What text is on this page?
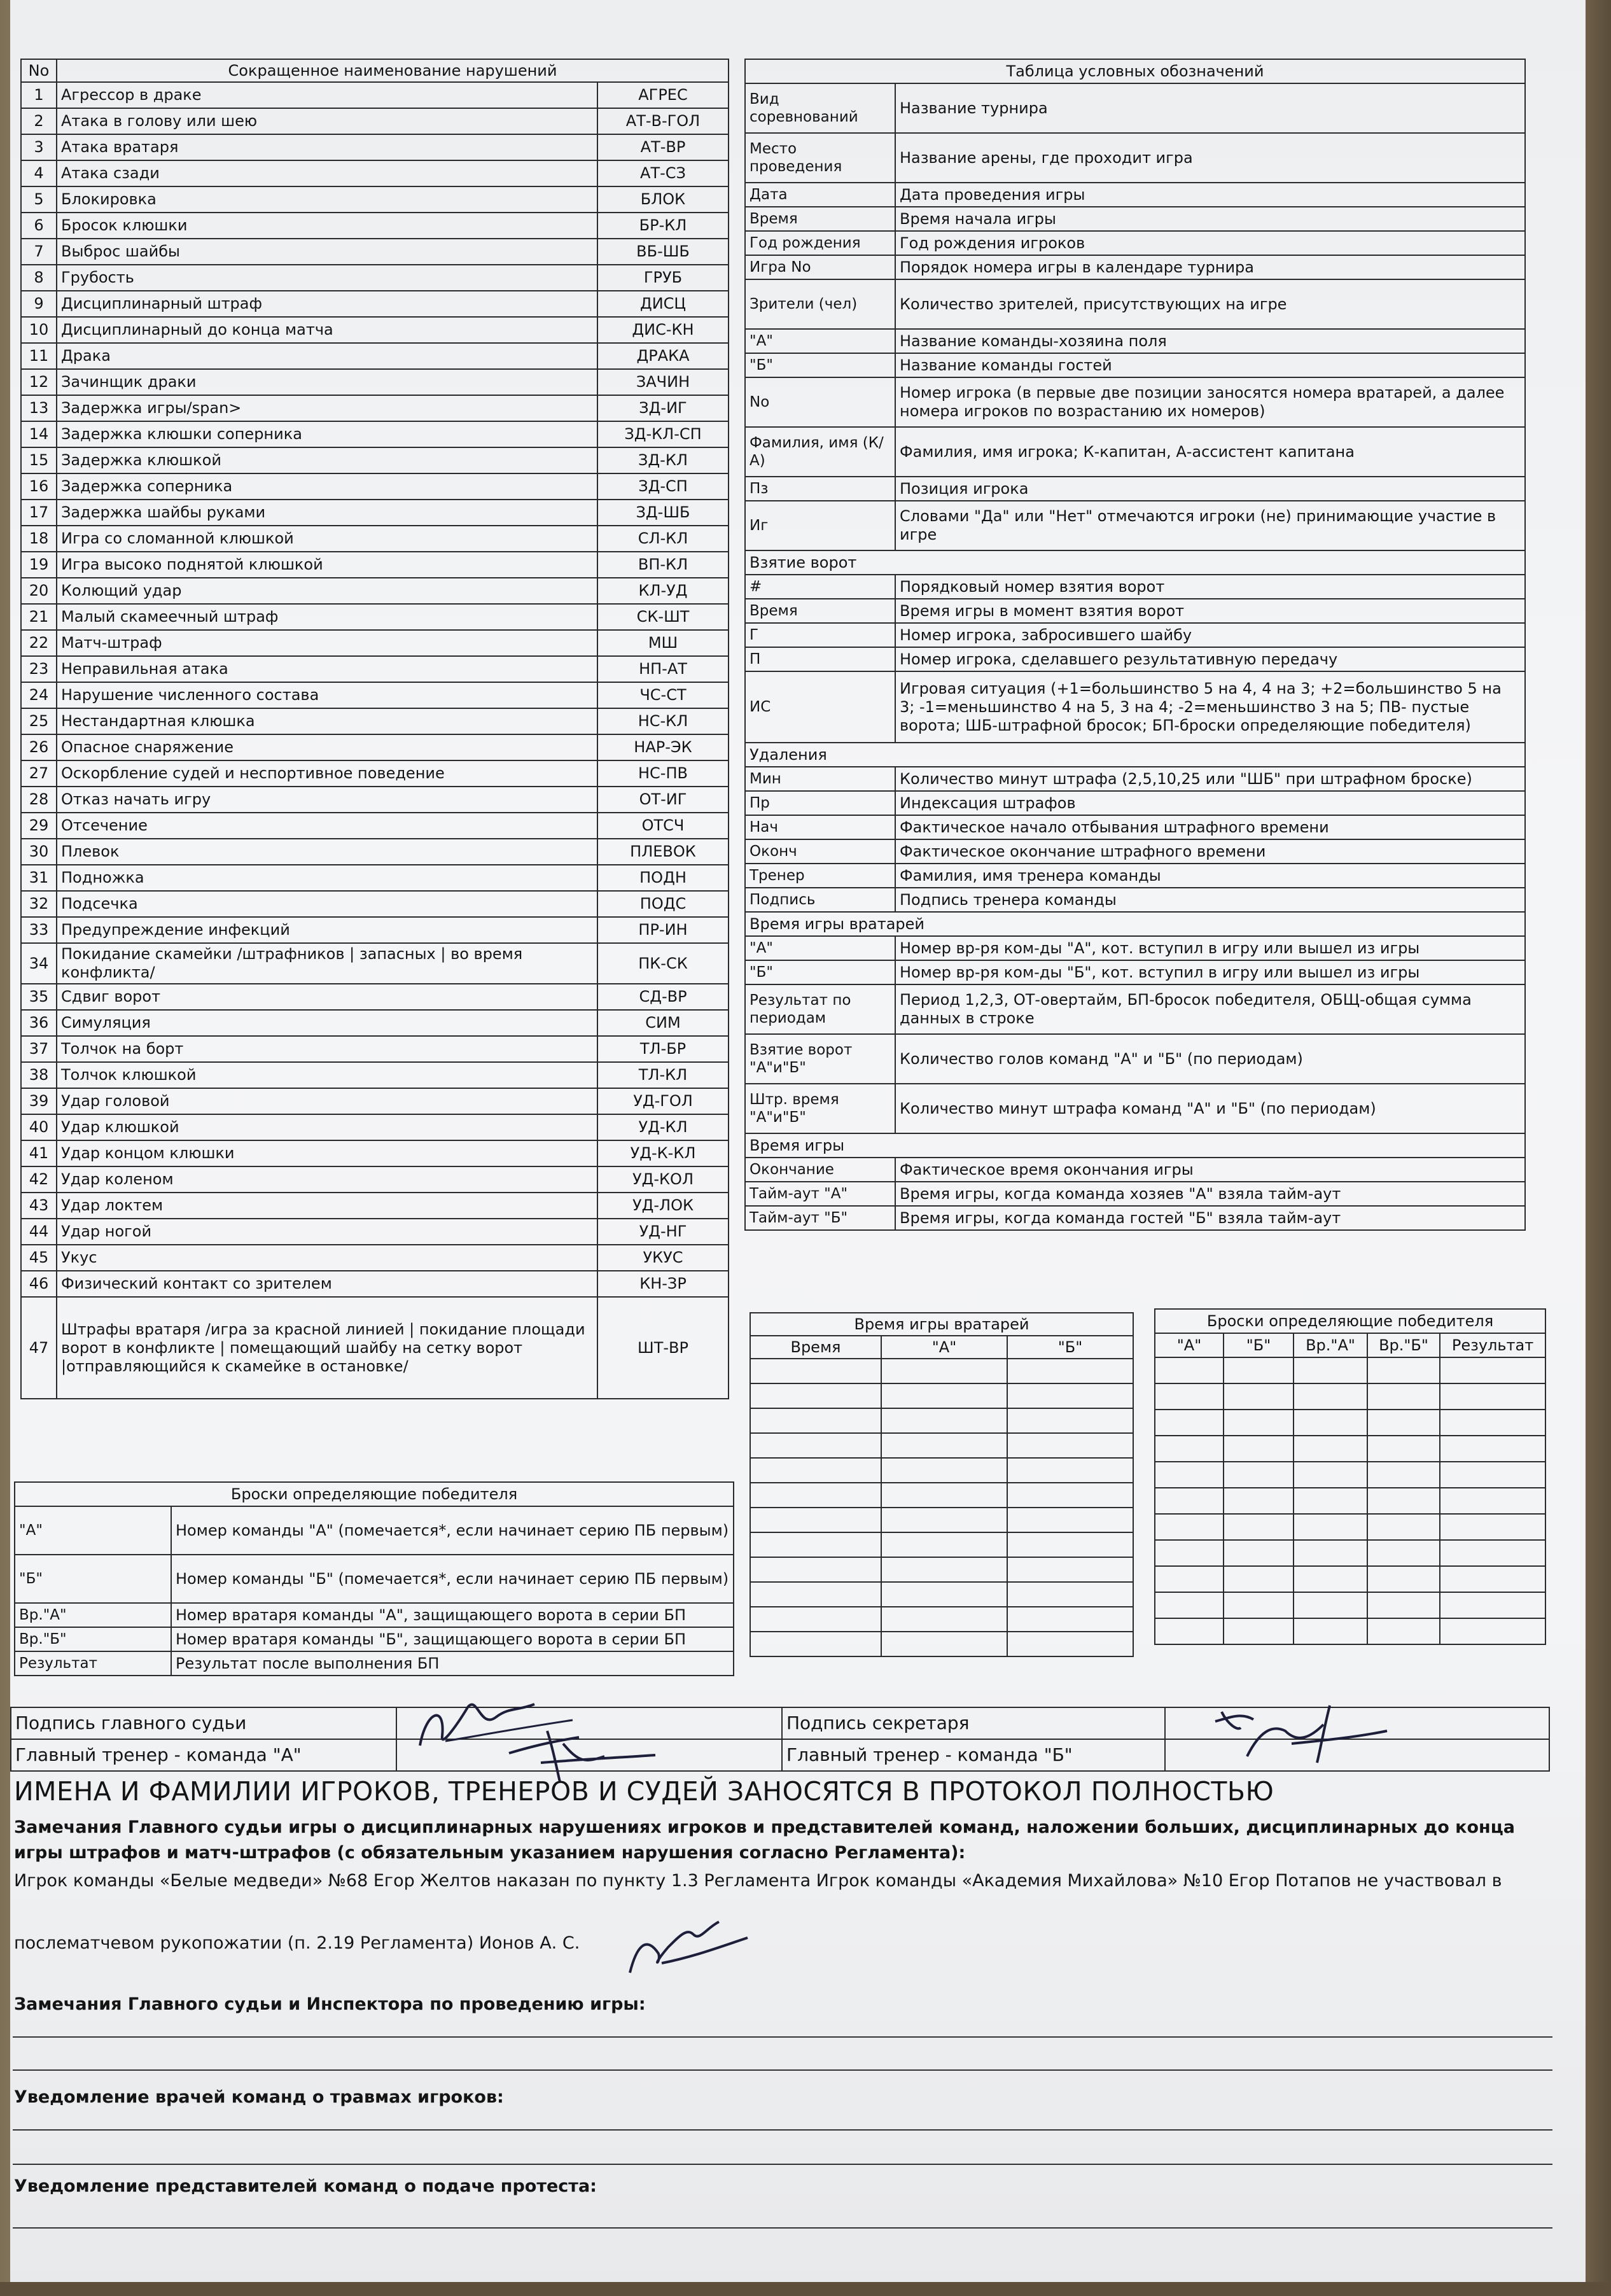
No	Сокращенное наименование нарушений	
1	Агрессор в драке	АГРЕС
2	Атака в голову или шею	АТ-В-ГОЛ
3	Атака вратаря	АТ-ВР
4	Атака сзади	АТ-СЗ
5	Блокировка	БЛОК
6	Бросок клюшки	БР-КЛ
7	Выброс шайбы	ВБ-ШБ
8	Грубость	ГРУБ
9	Дисциплинарный штраф	ДИСЦ
10	Дисциплинарный до конца матча	ДИС-КН
11	Драка	ДРАКА
12	Зачинщик драки	ЗАЧИН
13	Задержка игры/span>	ЗД-ИГ
14	Задержка клюшки соперника	ЗД-КЛ-СП
15	Задержка клюшкой	ЗД-КЛ
16	Задержка соперника	ЗД-СП
17	Задержка шайбы руками	ЗД-ШБ
18	Игра со сломанной клюшкой	СЛ-КЛ
19	Игра высоко поднятой клюшкой	ВП-КЛ
20	Колющий удар	КЛ-УД
21	Малый скамеечный штраф	СК-ШТ
22	Матч-штраф	МШ
23	Неправильная атака	НП-АТ
24	Нарушение численного состава	ЧС-СТ
25	Нестандартная клюшка	НС-КЛ
26	Опасное снаряжение	НАР-ЭК
27	Оскорбление судей и неспортивное поведение	НС-ПВ
28	Отказ начать игру	ОТ-ИГ
29	Отсечение	ОТСЧ
30	Плевок	ПЛЕВОК
31	Подножка	ПОДН
32	Подсечка	ПОДС
33	Предупреждение инфекций	ПР-ИН
34	Покидание скамейки /штрафников | запасных | во время конфликта/	ПК-СК
35	Сдвиг ворот	СД-ВР
36	Симуляция	СИМ
37	Толчок на борт	ТЛ-БР
38	Толчок клюшкой	ТЛ-КЛ
39	Удар головой	УД-ГОЛ
40	Удар клюшкой	УД-КЛ
41	Удар концом клюшки	УД-К-КЛ
42	Удар коленом	УД-КОЛ
43	Удар локтем	УД-ЛОК
44	Удар ногой	УД-НГ
45	Укус	УКУС
46	Физический контакт со зрителем	КН-ЗР
47	Штрафы вратаря /игра за красной линией | покидание площади
ворот в конфликте | помещающий шайбу на сетку ворот
|отправляющийся к скамейке в остановке/	ШТ-ВР
Таблица условных обозначений	
Вид соревнований	Название турнира
Место проведения	Название арены, где проходит игра
Дата	Дата проведения игры
Время	Время начала игры
Год рождения	Год рождения игроков
Игра No	Порядок номера игры в календаре турнира
Зрители (чел)	Количество зрителей, присутствующих на игре
"А"	Название команды-хозяина поля
"Б"	Название команды гостей
No	Номер игрока (в первые две позиции заносятся номера вратарей, а далее номера игроков по возрастанию их номеров)
Фамилия, имя (К/А)	Фамилия, имя игрока; К-капитан, А-ассистент капитана
Пз	Позиция игрока
Иг	Словами "Да" или "Нет" отмечаются игроки (не) принимающие участие в игре
Взятие ворот	
#	Порядковый номер взятия ворот
Время	Время игры в момент взятия ворот
Г	Номер игрока, забросившего шайбу
П	Номер игрока, сделавшего результативную передачу
ИС	Игровая ситуация (+1=большинство 5 на 4, 4 на 3; +2=большинство 5 на 3; -1=меньшинство 4 на 5, 3 на 4; -2=меньшинство 3 на 5; ПВ- пустые ворота; ШБ-штрафной бросок; БП-броски определяющие победителя)
Удаления	
Мин	Количество минут штрафа (2,5,10,25 или "ШБ" при штрафном броске)
Пр	Индексация штрафов
Нач	Фактическое начало отбывания штрафного времени
Оконч	Фактическое окончание штрафного времени
Тренер	Фамилия, имя тренера команды
Подпись	Подпись тренера команды
Время игры вратарей	
"А"	Номер вр-ря ком-ды "А", кот. вступил в игру или вышел из игры
"Б"	Номер вр-ря ком-ды "Б", кот. вступил в игру или вышел из игры
Результат по периодам	Период 1,2,3, ОТ-овертайм, БП-бросок победителя, ОБЩ-общая сумма данных в строке
Взятие ворот "А"и"Б"	Количество голов команд "А" и "Б" (по периодам)
Штр. время "А"и"Б"	Количество минут штрафа команд "А" и "Б" (по периодам)
Время игры	
Окончание	Фактическое время окончания игры
Тайм-аут "А"	Время игры, когда команда хозяев "А" взяла тайм-аут
Тайм-аут "Б"	Время игры, когда команда гостей "Б" взяла тайм-аут
Время игры вратарей		
Время	"А"	"Б"

Броски определяющие победителя				
"А"	"Б"	Вр."А"	Вр."Б"	Результат

Броски определяющие победителя	
"А"	Номер команды "А" (помечается*, если начинает серию ПБ первым)
"Б"	Номер команды "Б" (помечается*, если начинает серию ПБ первым)
Вр."А"	Номер вратаря команды "А", защищающего ворота в серии БП
Вр."Б"	Номер вратаря команды "Б", защищающего ворота в серии БП
Результат	Результат после выполнения БП
Подпись главного судьи		Подпись секретаря	
Главный тренер - команда "А"		Главный тренер - команда "Б"	
ИМЕНА И ФАМИЛИИ ИГРОКОВ, ТРЕНЕРОВ И СУДЕЙ ЗАНОСЯТСЯ В ПРОТОКОЛ ПОЛНОСТЬЮ
Замечания Главного судьи игры о дисциплинарных нарушениях игроков и представителей команд, наложении больших, дисциплинарных до конца игры штрафов и матч-штрафов (с обязательным указанием нарушения согласно Регламента):
Игрок команды «Белые медведи» №68 Егор Желтов наказан по пункту 1.3 Регламента Игрок команды «Академия Михайлова» №10 Егор Потапов не участвовал в
послематчевом рукопожатии (п. 2.19 Регламента) Ионов А. С.
Замечания Главного судьи и Инспектора по проведению игры:
Уведомление врачей команд о травмах игроков:
Уведомление представителей команд о подаче протеста:
